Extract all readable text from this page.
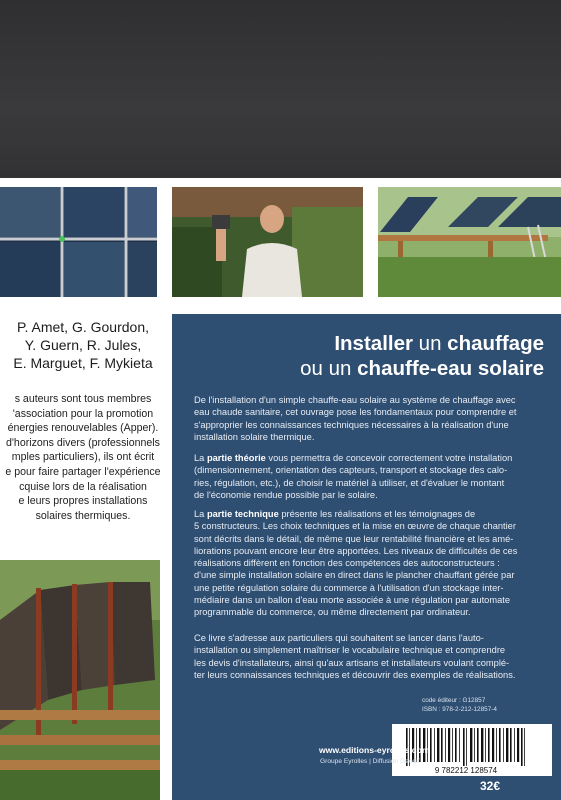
P. Amet, G. Gourdon,
Y. Guern, R. Jules,
E. Marguet, F. Mykieta
s auteurs sont tous membres
'association pour la promotion
énergies renouvelables (Apper).
d'horizons divers (professionnels
mples particuliers), ils ont écrit
e pour faire partager l'expérience
cquise lors de la réalisation
e leurs propres installations
solaires thermiques.
Installer un chauffage
ou un chauffe-eau solaire
De l'installation d'un simple chauffe-eau solaire au système de chauffage avec
eau chaude sanitaire, cet ouvrage pose les fondamentaux pour comprendre et
s'approprier les connaissances techniques nécessaires à la réalisation d'une
installation solaire thermique.
La partie théorie vous permettra de concevoir correctement votre installation
(dimensionnement, orientation des capteurs, transport et stockage des calo-
ries, régulation, etc.), de choisir le matériel à utiliser, et d'évaluer le montant
de l'économie rendue possible par le solaire.
La partie technique présente les réalisations et les témoignages de
5 constructeurs. Les choix techniques et la mise en œuvre de chaque chantier
sont décrits dans le détail, de même que leur rentabilité financière et les amé-
liorations pouvant encore leur être apportées. Les niveaux de difficultés de ces
réalisations diffèrent en fonction des compétences des autoconstructeurs :
d'une simple installation solaire en direct dans le plancher chauffant gérée par
une petite régulation solaire du commerce à l'utilisation d'un stockage inter-
médiaire dans un ballon d'eau morte associée à une régulation par automate
programmable du commerce, ou même directement par ordinateur.
Ce livre s'adresse aux particuliers qui souhaitent se lancer dans l'auto-
installation ou simplement maîtriser le vocabulaire technique et comprendre
les devis d'installateurs, ainsi qu'aux artisans et installateurs voulant complé-
ter leurs connaissances techniques et découvrir des exemples de réalisations.
code éditeur : G12857
ISBN : 978-2-212-12857-4
9 782212 128574
www.editions-eyrolles.com
Groupe Eyrolles | Diffusion Geodif
32€
